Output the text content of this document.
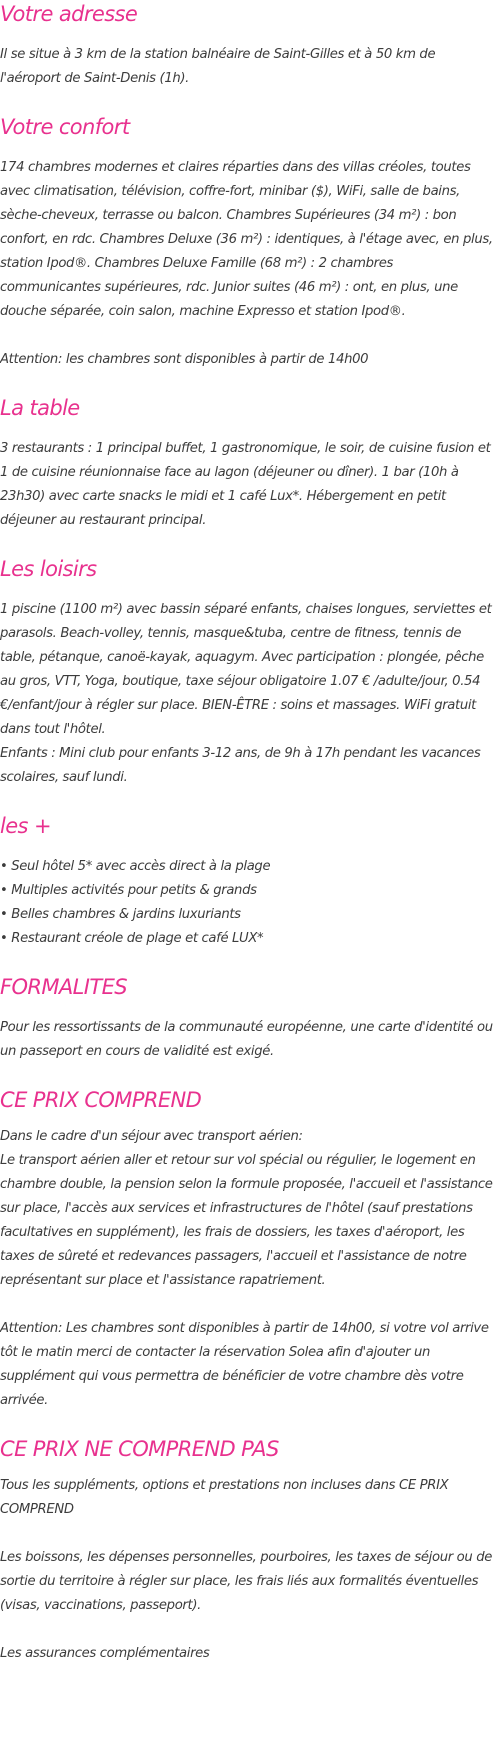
Votre adresse

Il se situe à 3 km de la station balnéaire de Saint-Gilles et à 50 km de l'aéroport de Saint-Denis (1h).

Votre confort

174 chambres modernes et claires réparties dans des villas créoles, toutes avec climatisation, télévision, coffre-fort, minibar ($), WiFi, salle de bains, sèche-cheveux, terrasse ou balcon. Chambres Supérieures (34 m²) : bon confort, en rdc. Chambres Deluxe (36 m²) : identiques, à l'étage avec, en plus, station Ipod®. Chambres Deluxe Famille (68 m²) : 2 chambres communicantes supérieures, rdc. Junior suites (46 m²) : ont, en plus, une douche séparée, coin salon, machine Expresso et station Ipod®.

Attention: les chambres sont disponibles à partir de 14h00

La table

3 restaurants : 1 principal buffet, 1 gastronomique, le soir, de cuisine fusion et 1 de cuisine réunionnaise face au lagon (déjeuner ou dîner). 1 bar (10h à 23h30) avec carte snacks le midi et 1 café Lux*. Hébergement en petit déjeuner au restaurant principal.

Les loisirs

1 piscine (1100 m²) avec bassin séparé enfants, chaises longues, serviettes et parasols. Beach-volley, tennis, masque&tuba, centre de fitness, tennis de table, pétanque, canoë-kayak, aquagym. Avec participation : plongée, pêche au gros, VTT, Yoga, boutique, taxe séjour obligatoire 1.07 € /adulte/jour, 0.54 €/enfant/jour à régler sur place. BIEN-ÊTRE : soins et massages. WiFi gratuit dans tout l'hôtel.

Enfants : Mini club pour enfants 3-12 ans, de 9h à 17h pendant les vacances scolaires, sauf lundi.

les +
• Seul hôtel 5* avec accès direct à la plage
• Multiples activités pour petits & grands
• Belles chambres & jardins luxuriants
• Restaurant créole de plage et café LUX*
FORMALITES

Pour les ressortissants de la communauté européenne, une carte d'identité ou un passeport en cours de validité est exigé.

CE PRIX COMPREND

Dans le cadre d'un séjour avec transport aérien:

Le transport aérien aller et retour sur vol spécial ou régulier, le logement en chambre double, la pension selon la formule proposée, l'accueil et l'assistance sur place, l'accès aux services et infrastructures de l'hôtel (sauf prestations facultatives en supplément), les frais de dossiers, les taxes d'aéroport, les taxes de sûreté et redevances passagers, l'accueil et l'assistance de notre représentant sur place et l'assistance rapatriement.

Attention: Les chambres sont disponibles à partir de 14h00, si votre vol arrive tôt le matin merci de contacter la réservation Solea afin d'ajouter un supplément qui vous permettra de bénéficier de votre chambre dès votre arrivée.

CE PRIX NE COMPREND PAS

Tous les suppléments, options et prestations non incluses dans CE PRIX COMPREND

Les boissons, les dépenses personnelles, pourboires, les taxes de séjour ou de sortie du territoire à régler sur place, les frais liés aux formalités éventuelles (visas, vaccinations, passeport).

Les assurances complémentaires
